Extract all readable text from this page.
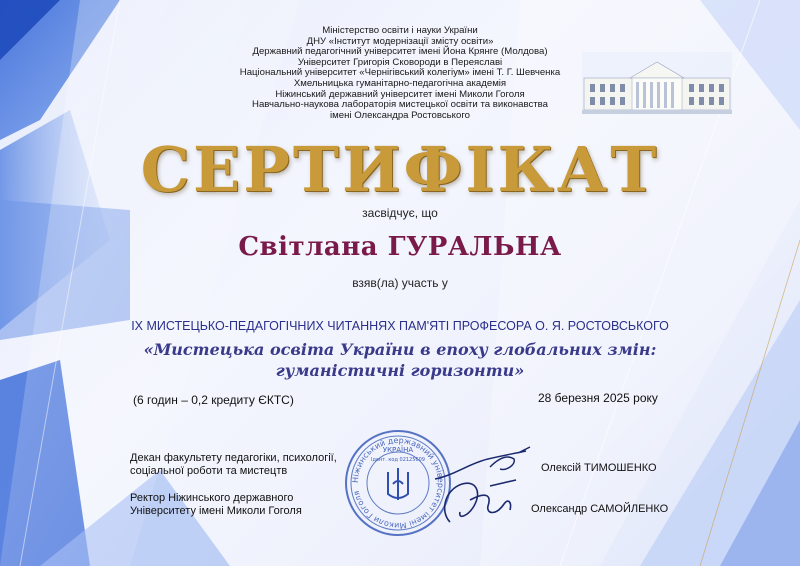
Міністерство освіти і науки України
ДНУ «Інститут модернізації змісту освіти»
Державний педагогічний університет імені Йона Крянге (Молдова)
Університет Григорія Сковороди в Переяславі
Національний університет «Чернігівський колегіум» імені Т. Г. Шевченка
Хмельницька гуманітарно-педагогічна академія
Ніжинський державний університет імені Миколи Гоголя
Навчально-наукова лабораторія мистецької освіти та виконавства
імені Олександра Ростовського
СЕРТИФІКАТ
засвідчує, що
Світлана ГУРАЛЬНА
взяв(ла) участь у
IX МИСТЕЦЬКО-ПЕДАГОГІЧНИХ ЧИТАННЯХ ПАМ'ЯТІ ПРОФЕСОРА О. Я. РОСТОВСЬКОГО
«Мистецька освіта України в епоху глобальних змін:
гуманістичні горизонти»
(6 годин – 0,2 кредиту ЄКТС)	28 березня 2025 року
Декан факультету педагогіки, психології,
соціальної роботи та мистецтв	Олексій ТИМОШЕНКО
Ректор Ніжинського державного
Університету імені Миколи Гоголя	Олександр САМОЙЛЕНКО
Ніжинський державний університет імені Миколи Гоголя
УКРАЇНА
Ідент. код 02125609
